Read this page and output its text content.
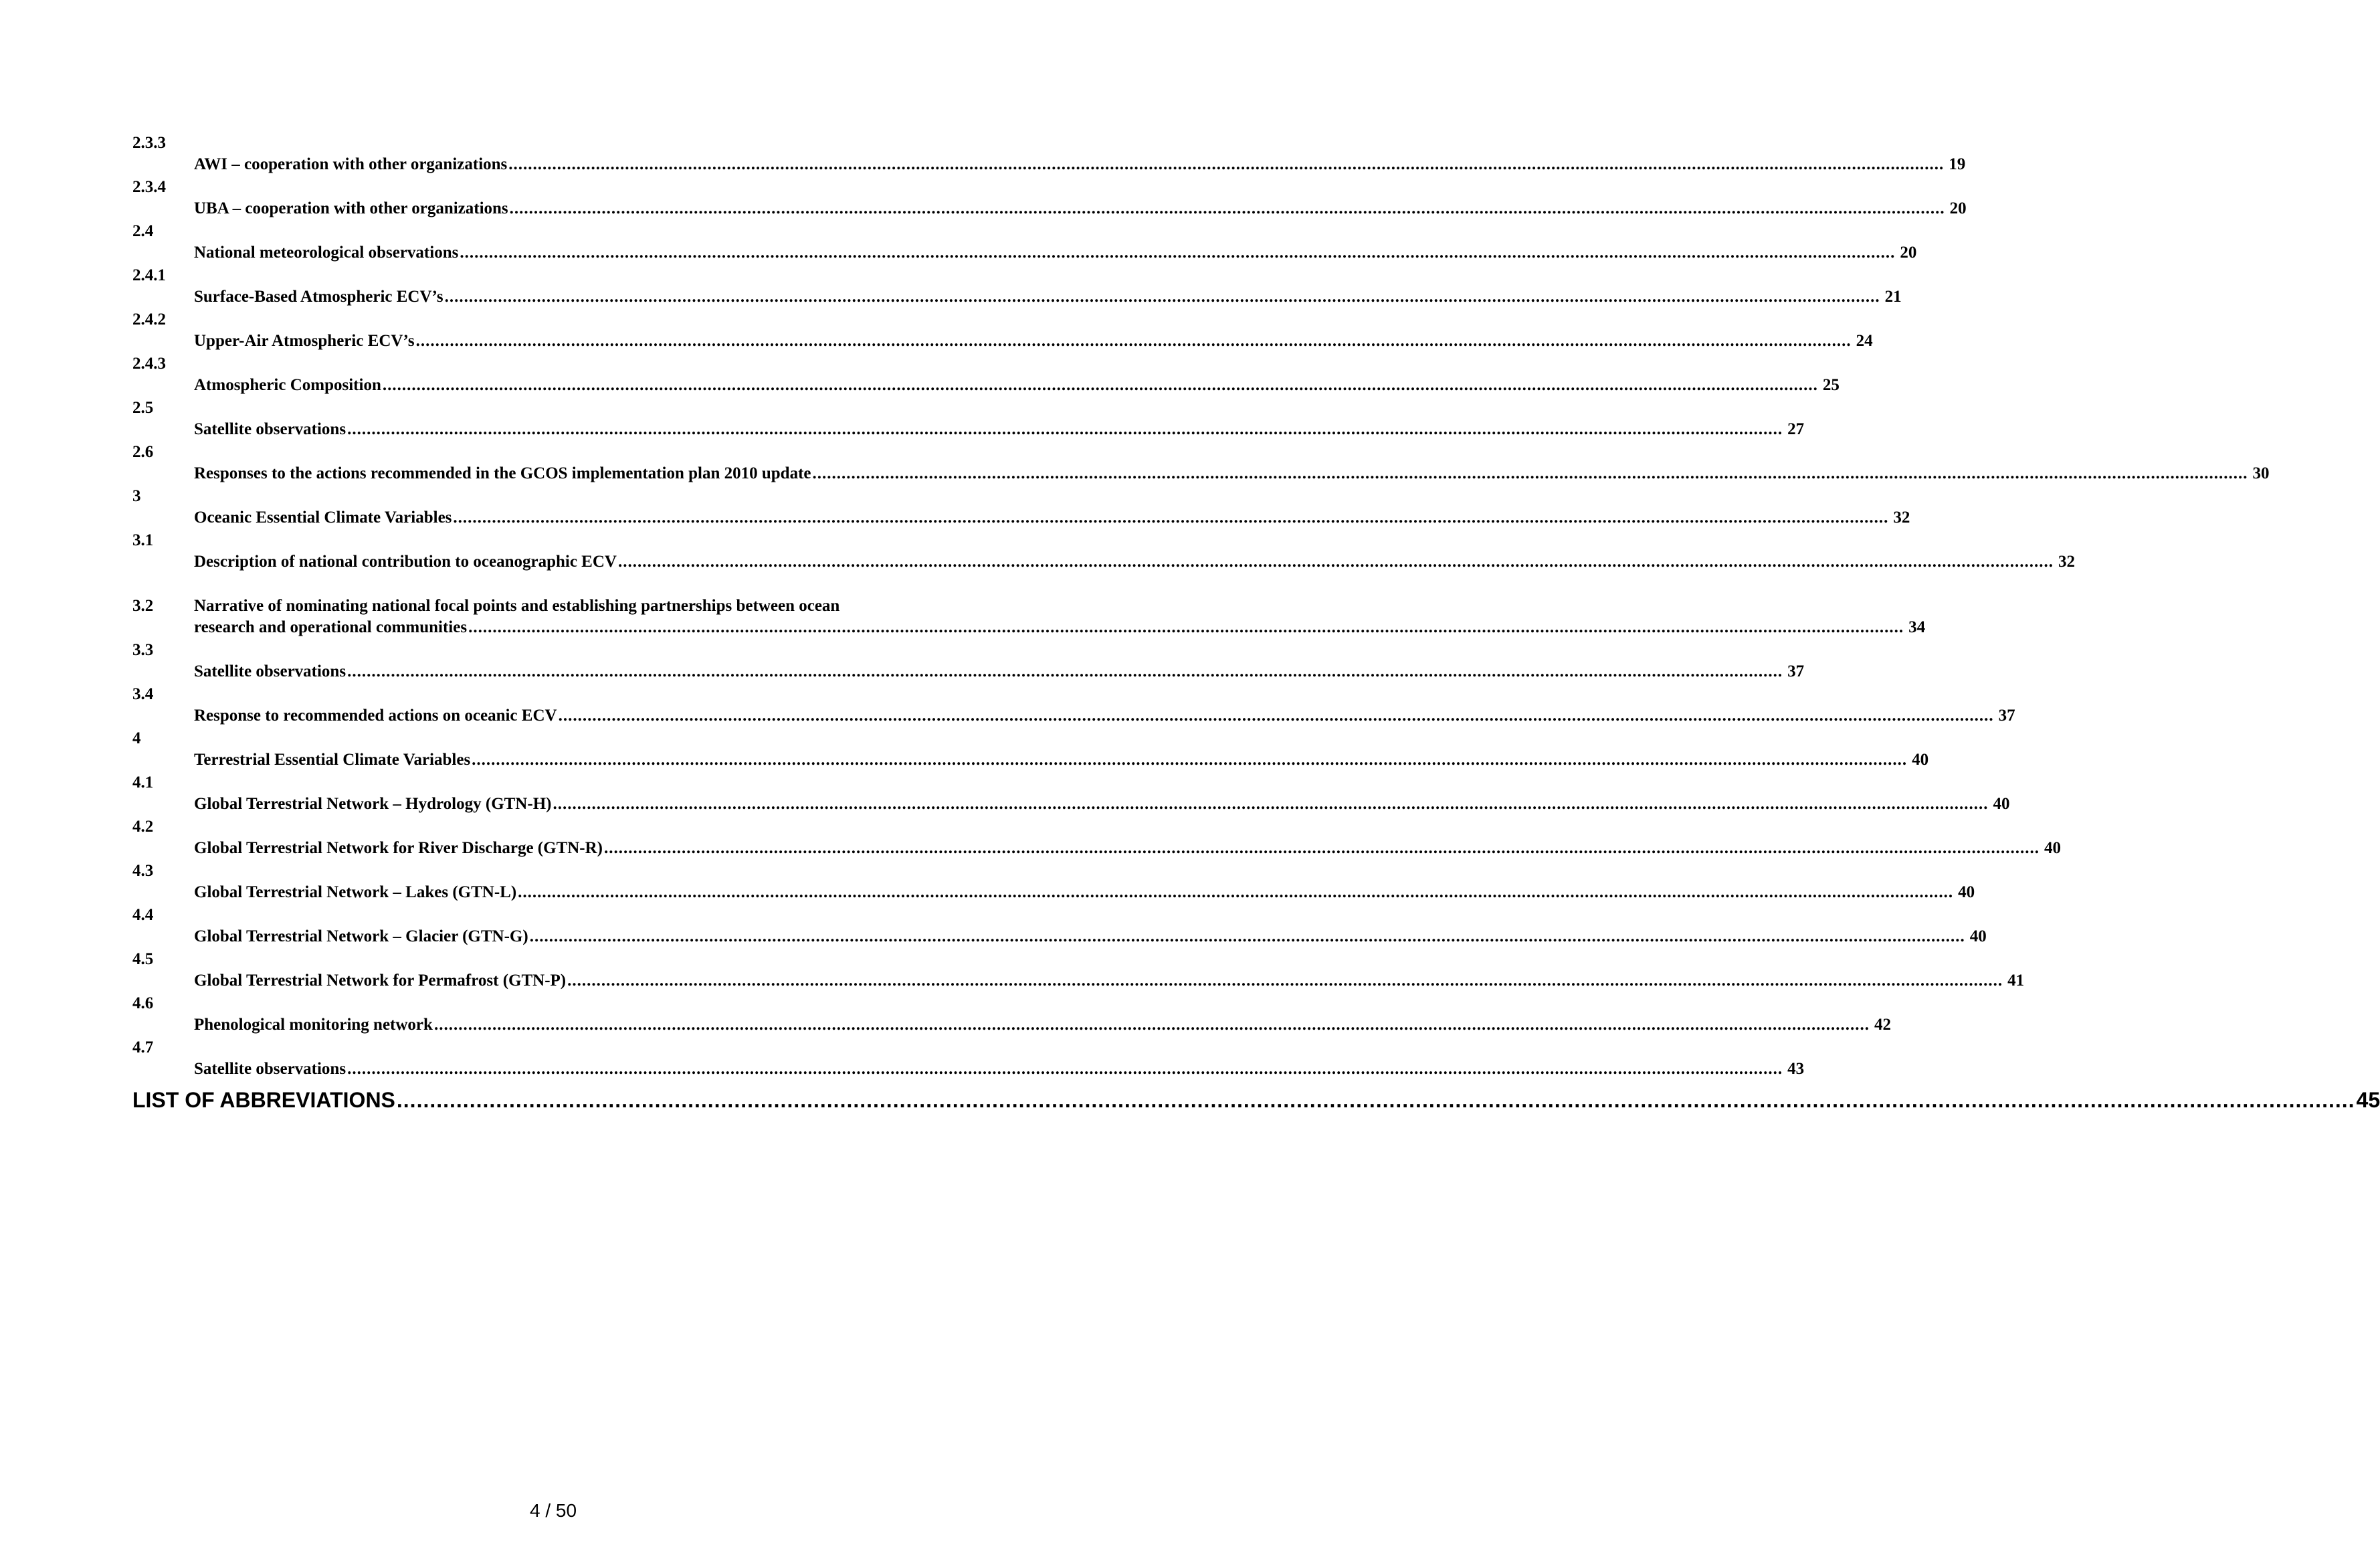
2.3.3
AWI – cooperation with other organizations .....	19
2.3.4
UBA – cooperation with other organizations .....	20
2.4
National meteorological observations .....	20
2.4.1
Surface-Based Atmospheric ECV’s .....	21
2.4.2
Upper-Air Atmospheric ECV’s .....	24
2.4.3
Atmospheric Composition .....	25
2.5
Satellite observations .....	27
2.6
Responses to the actions recommended in the GCOS implementation plan 2010 update .....	30
3
Oceanic Essential Climate Variables .....	32
3.1
Description of national contribution to oceanographic ECV .....	32
3.2	Narrative of nominating national focal points and establishing partnerships between ocean
research and operational communities .....	34
3.3
Satellite observations .....	37
3.4
Response to recommended actions on oceanic ECV .....	37
4
Terrestrial Essential Climate Variables .....	40
4.1
Global Terrestrial Network – Hydrology (GTN-H) .....	40
4.2
Global Terrestrial Network for River Discharge (GTN-R) .....	40
4.3
Global Terrestrial Network – Lakes (GTN-L) .....	40
4.4
Global Terrestrial Network – Glacier (GTN-G) .....	40
4.5
Global Terrestrial Network for Permafrost (GTN-P) .....	41
4.6
Phenological monitoring network .....	42
4.7
Satellite observations .....	43
LIST OF ABBREVIATIONS .....	45
4 / 50
